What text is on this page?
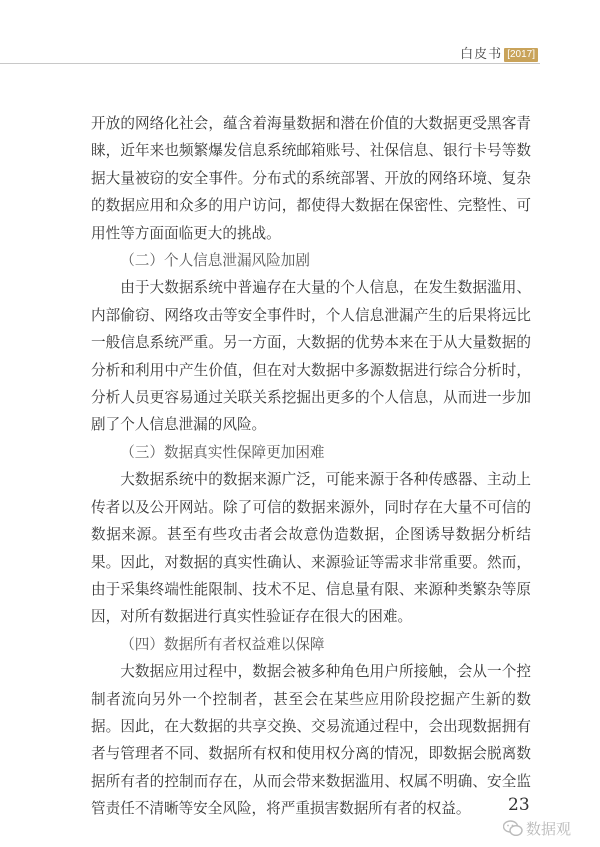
白皮书 [2017]

开放的网络化社会，蕴含着海量数据和潜在价值的大数据更受黑客青睐，近年来也频繁爆发信息系统邮箱账号、社保信息、银行卡号等数据大量被窃的安全事件。分布式的系统部署、开放的网络环境、复杂的数据应用和众多的用户访问，都使得大数据在保密性、完整性、可用性等方面面临更大的挑战。

（二）个人信息泄漏风险加剧

由于大数据系统中普遍存在大量的个人信息，在发生数据滥用、内部偷窃、网络攻击等安全事件时，个人信息泄漏产生的后果将远比一般信息系统严重。另一方面，大数据的优势本来在于从大量数据的分析和利用中产生价值，但在对大数据中多源数据进行综合分析时，分析人员更容易通过关联关系挖掘出更多的个人信息，从而进一步加剧了个人信息泄漏的风险。

（三）数据真实性保障更加困难

大数据系统中的数据来源广泛，可能来源于各种传感器、主动上传者以及公开网站。除了可信的数据来源外，同时存在大量不可信的数据来源。甚至有些攻击者会故意伪造数据，企图诱导数据分析结果。因此，对数据的真实性确认、来源验证等需求非常重要。然而，由于采集终端性能限制、技术不足、信息量有限、来源种类繁杂等原因，对所有数据进行真实性验证存在很大的困难。

（四）数据所有者权益难以保障

大数据应用过程中，数据会被多种角色用户所接触，会从一个控制者流向另外一个控制者，甚至会在某些应用阶段挖掘产生新的数据。因此，在大数据的共享交换、交易流通过程中，会出现数据拥有者与管理者不同、数据所有权和使用权分离的情况，即数据会脱离数据所有者的控制而存在，从而会带来数据滥用、权属不明确、安全监管责任不清晰等安全风险，将严重损害数据所有者的权益。	23
数据观
